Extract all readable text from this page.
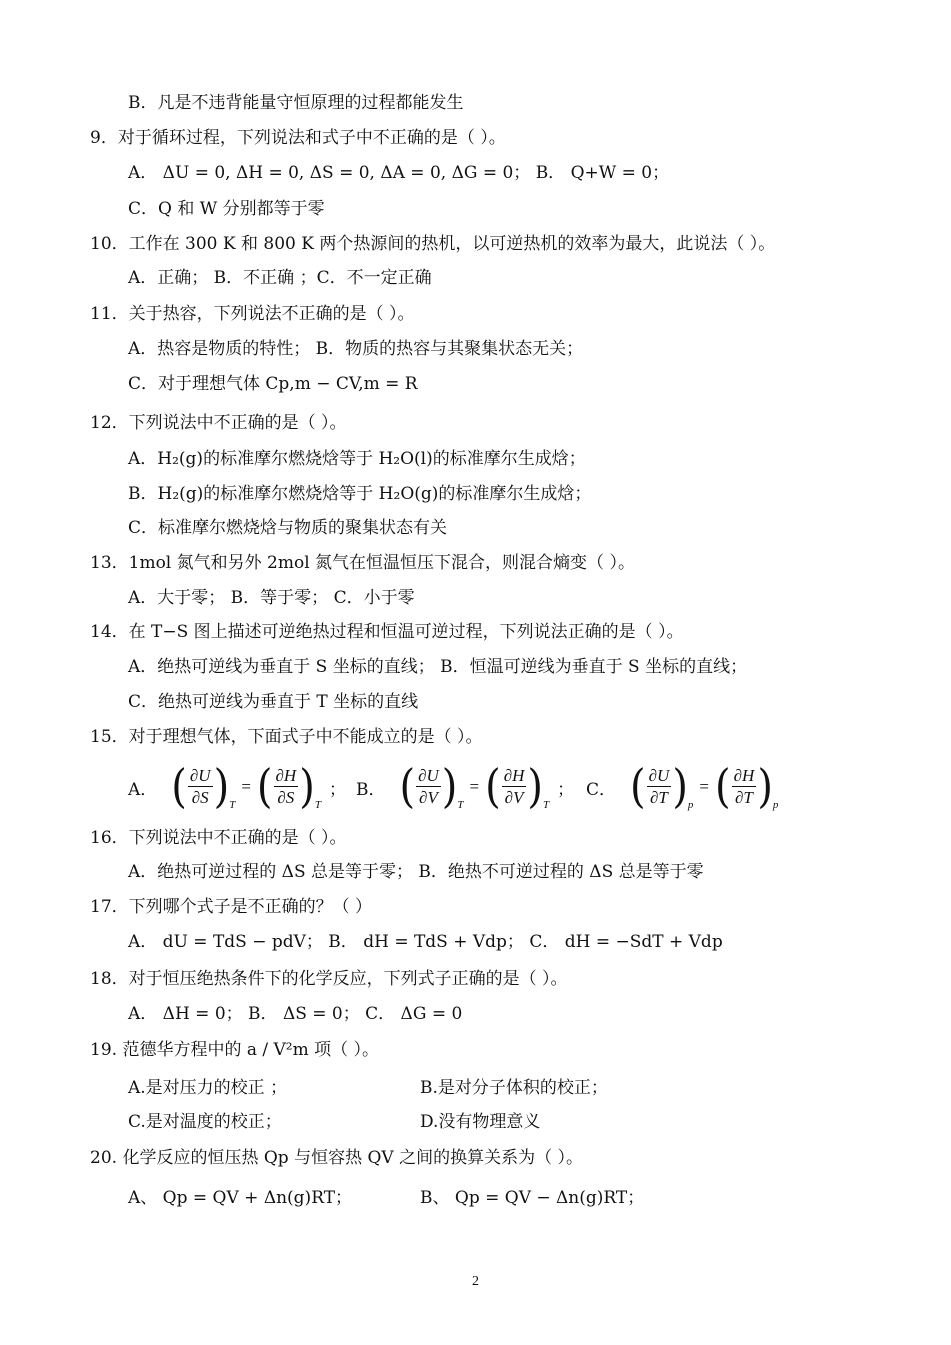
B．凡是不违背能量守恒原理的过程都能发生
9．对于循环过程，下列说法和式子中不正确的是（ ）。
A． ΔU = 0, ΔH = 0, ΔS = 0, ΔA = 0, ΔG = 0； B． Q+W = 0；
C．Q 和 W 分别都等于零
10．工作在 300 K 和 800 K 两个热源间的热机，以可逆热机的效率为最大，此说法（ ）。
A．正确； B．不正确 ；C．不一定正确
11．关于热容，下列说法不正确的是（ ）。
A．热容是物质的特性； B．物质的热容与其聚集状态无关；
C．对于理想气体 Cp,m − CV,m = R
12．下列说法中不正确的是（ ）。
A．H₂(g)的标准摩尔燃烧焓等于 H₂O(l)的标准摩尔生成焓；
B．H₂(g)的标准摩尔燃烧焓等于 H₂O(g)的标准摩尔生成焓；
C．标准摩尔燃烧焓与物质的聚集状态有关
13．1mol 氮气和另外 2mol 氮气在恒温恒压下混合，则混合熵变（ ）。
A．大于零； B．等于零； C．小于零
14．在 T−S 图上描述可逆绝热过程和恒温可逆过程，下列说法正确的是（ ）。
A．绝热可逆线为垂直于 S 坐标的直线； B．恒温可逆线为垂直于 S 坐标的直线；
C．绝热可逆线为垂直于 T 坐标的直线
15．对于理想气体，下面式子中不能成立的是（ ）。
16．下列说法中不正确的是（ ）。
A．绝热可逆过程的 ΔS 总是等于零； B．绝热不可逆过程的 ΔS 总是等于零
17．下列哪个式子是不正确的？（ ）
A． dU = TdS − pdV； B． dH = TdS + Vdp； C． dH = −SdT + Vdp
18．对于恒压绝热条件下的化学反应，下列式子正确的是（ ）。
A． ΔH = 0； B． ΔS = 0； C． ΔG = 0
19. 范德华方程中的 a / V²m 项（ ）。
A.是对压力的校正 ；	B.是对分子体积的校正；
C.是对温度的校正；	D.没有物理意义
20. 化学反应的恒压热 Qp 与恒容热 QV 之间的换算关系为（ ）。
A、 Qp = QV + Δn(g)RT；	B、 Qp = QV − Δn(g)RT；
A． ( $\frac{\partial U}{\partial S}$ ) T
= ( $\frac{\partial H}{\partial S}$ ) T
； B． ( $\frac{\partial U}{\partial V}$ ) T
= ( $\frac{\partial H}{\partial V}$ ) T
； C． ( $\frac{\partial U}{\partial T}$ ) p
= ( $\frac{\partial H}{\partial T}$ ) p
2
